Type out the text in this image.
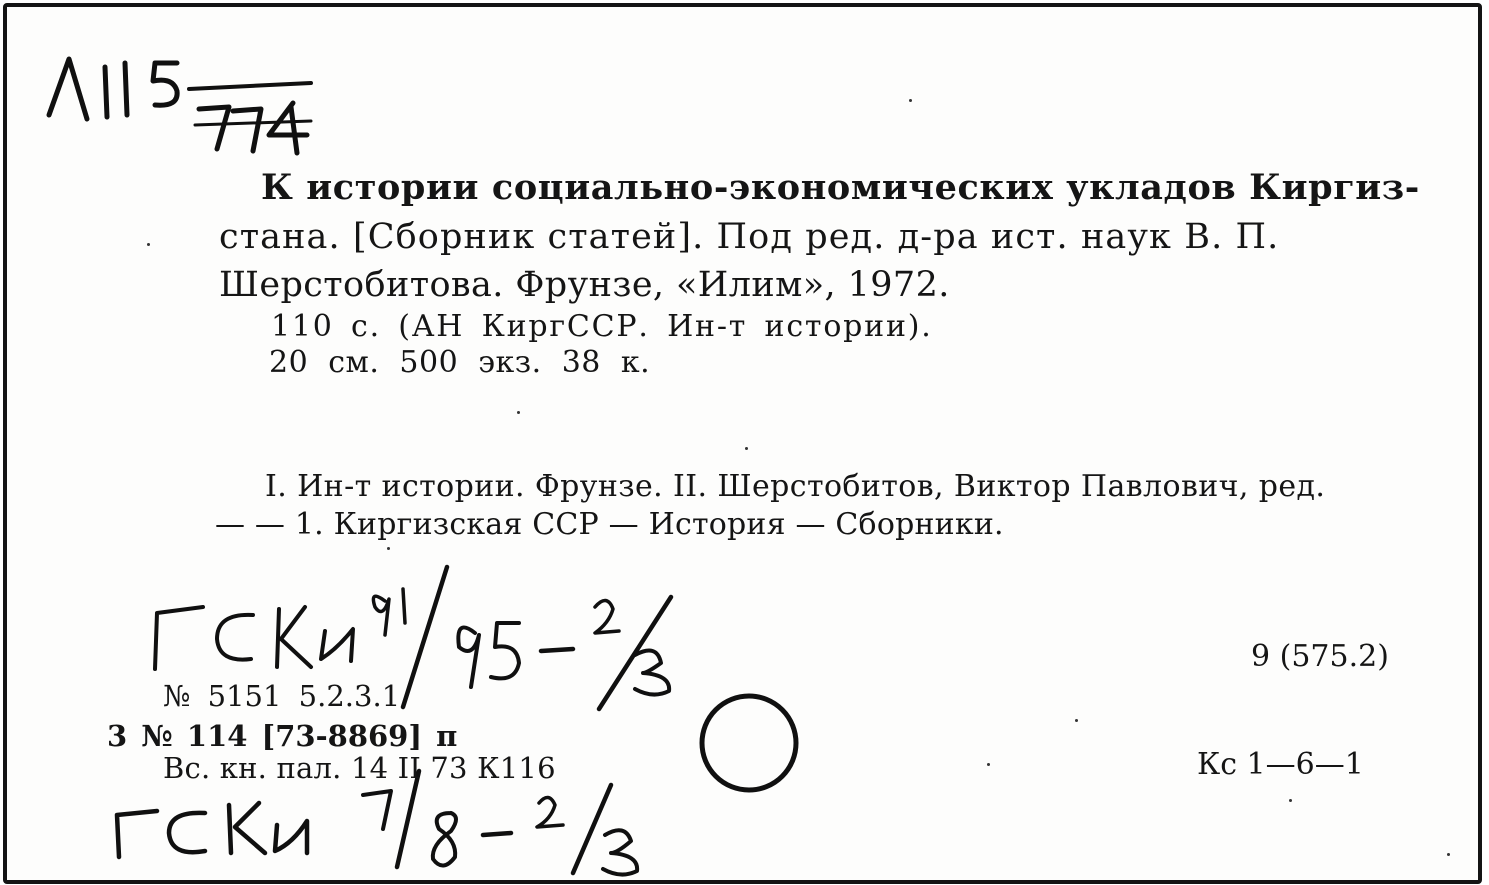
К истории социально-экономических укладов Киргиз-
стана. [Сборник статей]. Под ред. д-ра ист. наук В. П.
Шерстобитова. Фрунзе, «Илим», 1972.
110 с. (АН КиргССР. Ин-т истории).
20 см. 500 экз. 38 к.
I. Ин-т истории. Фрунзе. II. Шерстобитов, Виктор Павлович, ред.
— — 1. Киргизская ССР — История — Сборники.
№ 5151 5.2.3.1
3 № 114 [73-8869] п
Вс. кн. пал. 14 II 73 К116
9 (575.2)
Кс 1—6—1
